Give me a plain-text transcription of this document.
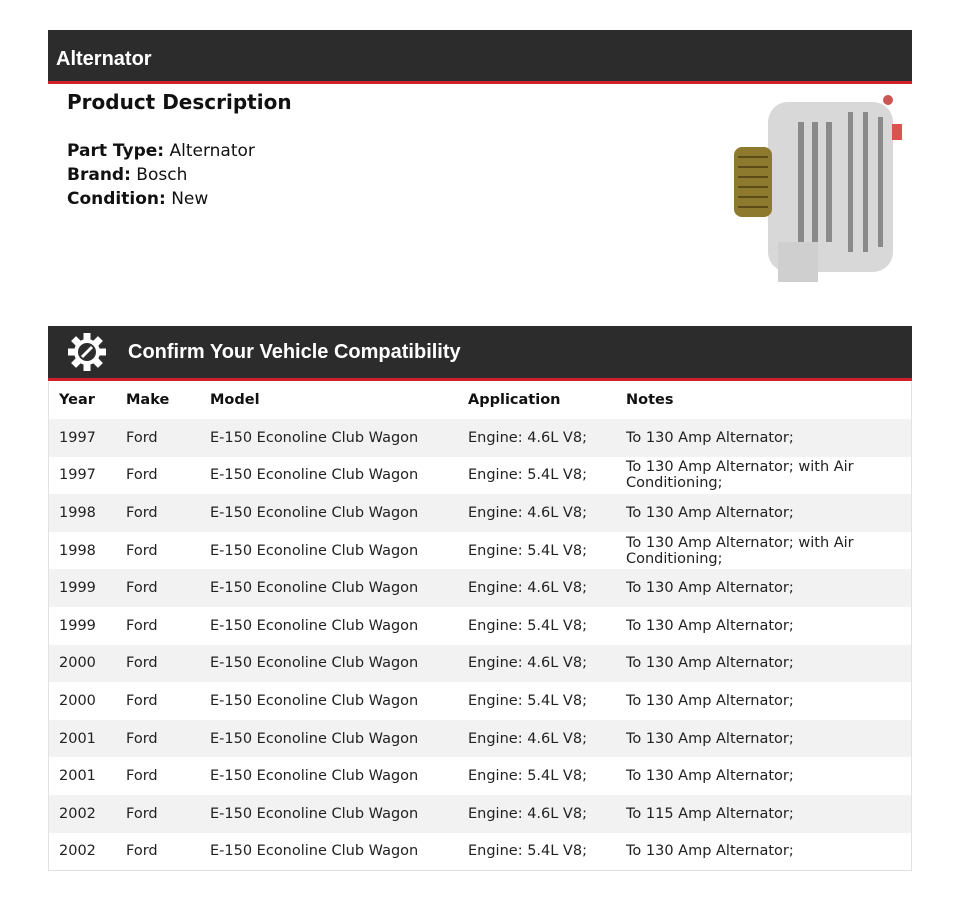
Alternator
Product Description
Part Type: Alternator
Brand: Bosch
Condition: New
Confirm Your Vehicle Compatibility
Year	Make	Model	Application	Notes
1997	Ford	E-150 Econoline Club Wagon	Engine: 4.6L V8;	To 130 Amp Alternator;
1997	Ford	E-150 Econoline Club Wagon	Engine: 5.4L V8;	To 130 Amp Alternator; with Air Conditioning;
1998	Ford	E-150 Econoline Club Wagon	Engine: 4.6L V8;	To 130 Amp Alternator;
1998	Ford	E-150 Econoline Club Wagon	Engine: 5.4L V8;	To 130 Amp Alternator; with Air Conditioning;
1999	Ford	E-150 Econoline Club Wagon	Engine: 4.6L V8;	To 130 Amp Alternator;
1999	Ford	E-150 Econoline Club Wagon	Engine: 5.4L V8;	To 130 Amp Alternator;
2000	Ford	E-150 Econoline Club Wagon	Engine: 4.6L V8;	To 130 Amp Alternator;
2000	Ford	E-150 Econoline Club Wagon	Engine: 5.4L V8;	To 130 Amp Alternator;
2001	Ford	E-150 Econoline Club Wagon	Engine: 4.6L V8;	To 130 Amp Alternator;
2001	Ford	E-150 Econoline Club Wagon	Engine: 5.4L V8;	To 130 Amp Alternator;
2002	Ford	E-150 Econoline Club Wagon	Engine: 4.6L V8;	To 115 Amp Alternator;
2002	Ford	E-150 Econoline Club Wagon	Engine: 5.4L V8;	To 130 Amp Alternator;
